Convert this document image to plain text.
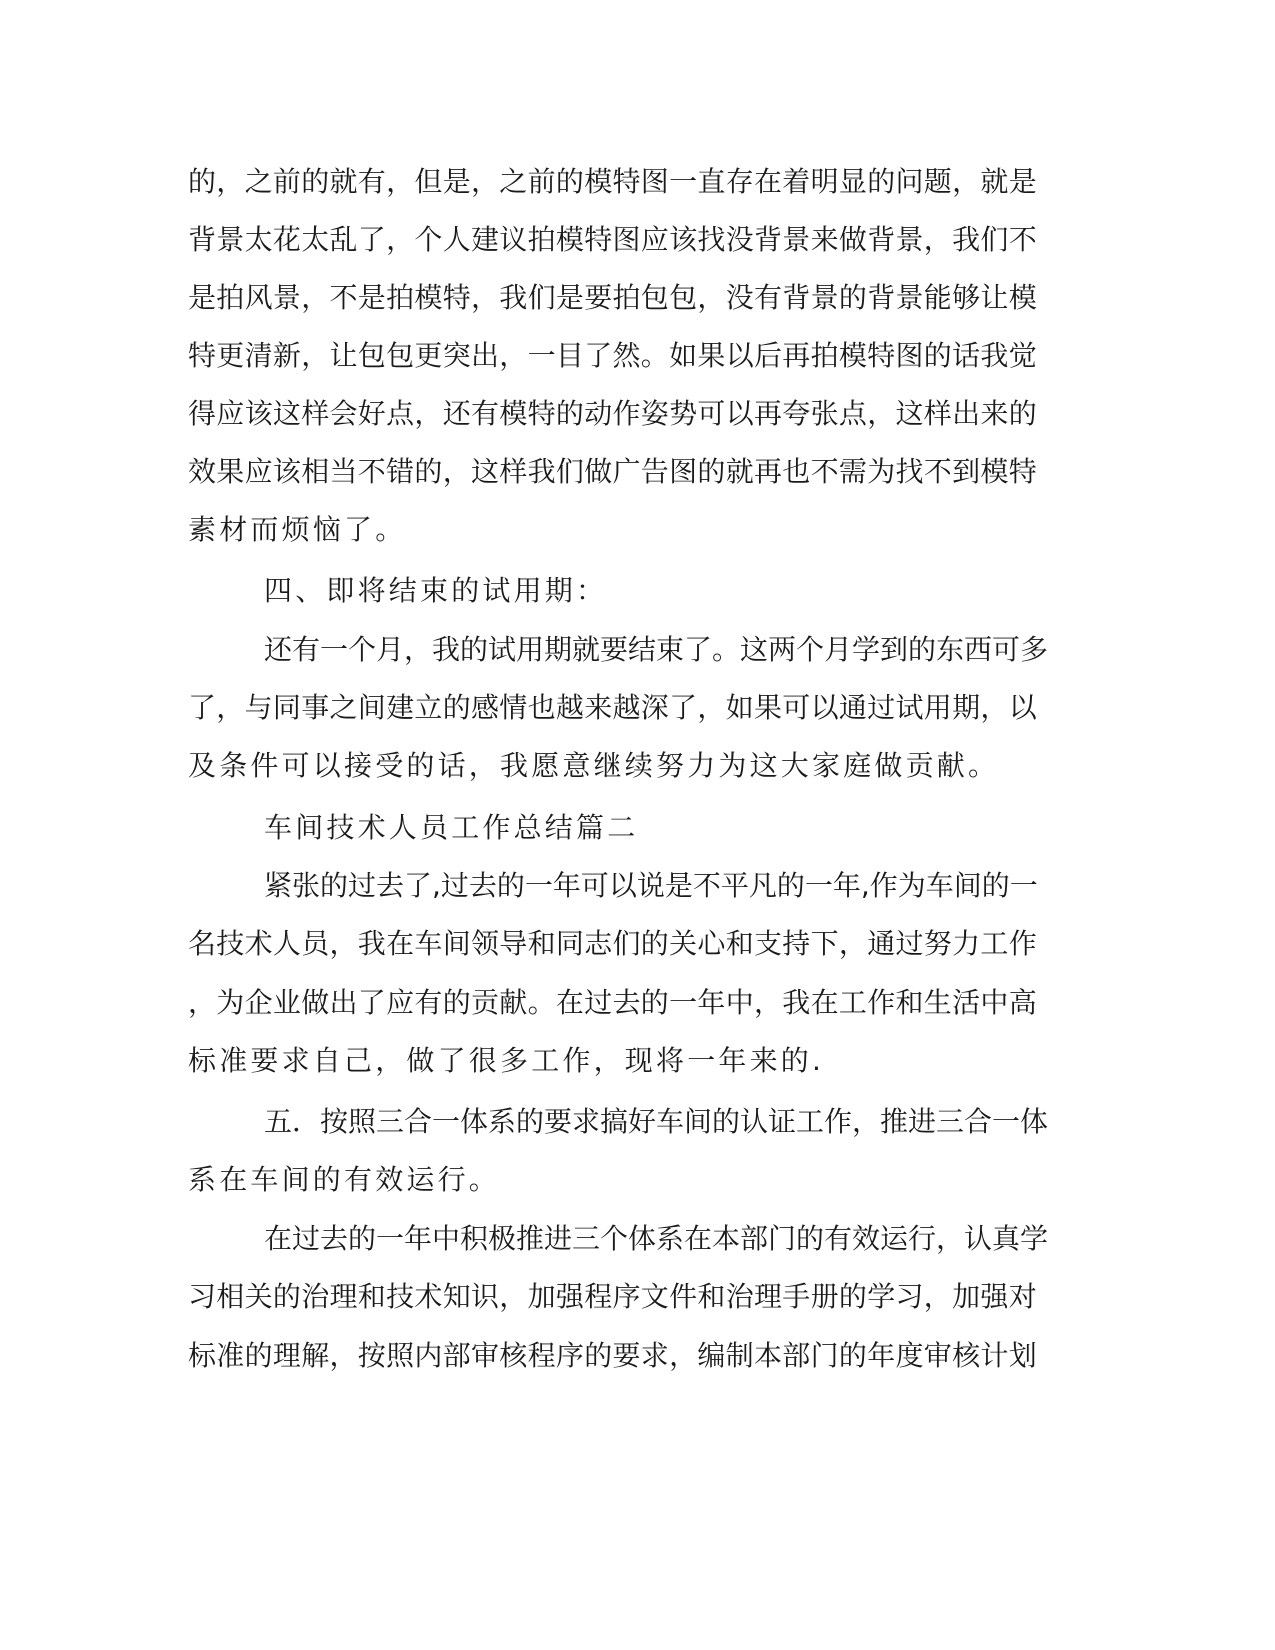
的，之前的就有，但是，之前的模特图一直存在着明显的问题，就是
背景太花太乱了，个人建议拍模特图应该找没背景来做背景，我们不
是拍风景，不是拍模特，我们是要拍包包，没有背景的背景能够让模
特更清新，让包包更突出，一目了然。如果以后再拍模特图的话我觉
得应该这样会好点，还有模特的动作姿势可以再夸张点，这样出来的
效果应该相当不错的，这样我们做广告图的就再也不需为找不到模特
素材而烦恼了。
四、即将结束的试用期：
还有一个月，我的试用期就要结束了。这两个月学到的东西可多
了，与同事之间建立的感情也越来越深了，如果可以通过试用期，以
及条件可以接受的话，我愿意继续努力为这大家庭做贡献。
车间技术人员工作总结篇二
紧张的过去了,过去的一年可以说是不平凡的一年,作为车间的一
名技术人员，我在车间领导和同志们的关心和支持下，通过努力工作
，为企业做出了应有的贡献。在过去的一年中，我在工作和生活中高
标准要求自己，做了很多工作，现将一年来的.
五．按照三合一体系的要求搞好车间的认证工作，推进三合一体
系在车间的有效运行。
在过去的一年中积极推进三个体系在本部门的有效运行，认真学
习相关的治理和技术知识，加强程序文件和治理手册的学习，加强对
标准的理解，按照内部审核程序的要求，编制本部门的年度审核计划
